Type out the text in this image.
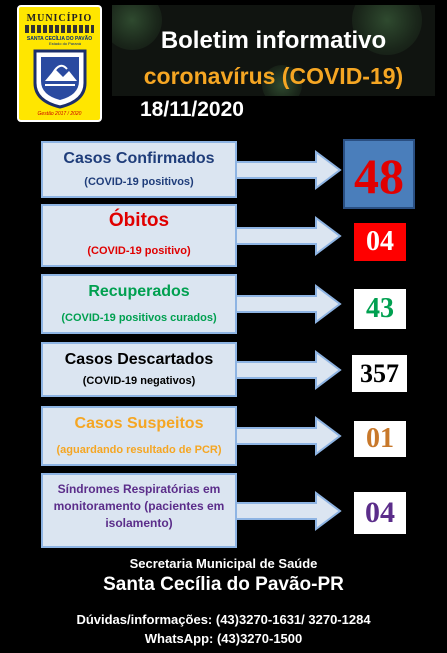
MUNICÍPIO
SANTA CECÍLIA DO PAVÃO
Estado do Paraná
Gestão 2017 / 2020
Boletim informativo
coronavírus (COVID-19)
18/11/2020
Casos Confirmados
(COVID-19 positivos)	48
Óbitos
(COVID-19 positivo)	04
Recuperados
(COVID-19 positivos curados)	43
Casos Descartados
(COVID-19 negativos)	357
Casos Suspeitos
(aguardando resultado de PCR)	01
Síndromes Respiratórias em monitoramento (pacientes em isolamento)	04
Secretaria Municipal de Saúde
Santa Cecília do Pavão-PR
Dúvidas/informações: (43)3270-1631/ 3270-1284
WhatsApp: (43)3270-1500
